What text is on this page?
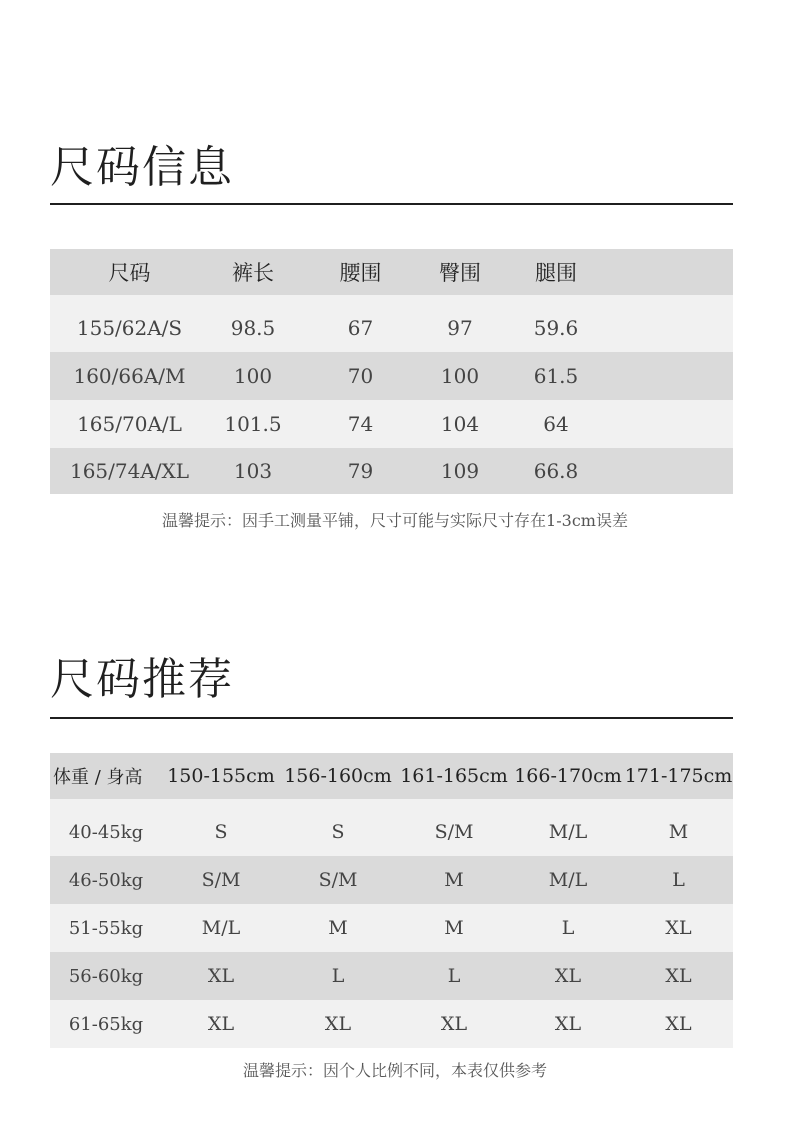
尺码信息
尺码	裤长	腰围	臀围	腿围	

155/62A/S	98.5	67	97	59.6	
160/66A/M	100	70	100	61.5	
165/70A/L	101.5	74	104	64	
165/74A/XL	103	79	109	66.8	

温馨提示：因手工测量平铺，尺寸可能与实际尺寸存在1-3cm误差

尺码推荐
体重 / 身高	150-155cm	156-160cm	161-165cm	166-170cm	171-175cm

40-45kg	S	S	S/M	M/L	M
46-50kg	S/M	S/M	M	M/L	L
51-55kg	M/L	M	M	L	XL
56-60kg	XL	L	L	XL	XL
61-65kg	XL	XL	XL	XL	XL

温馨提示：因个人比例不同，本表仅供参考
